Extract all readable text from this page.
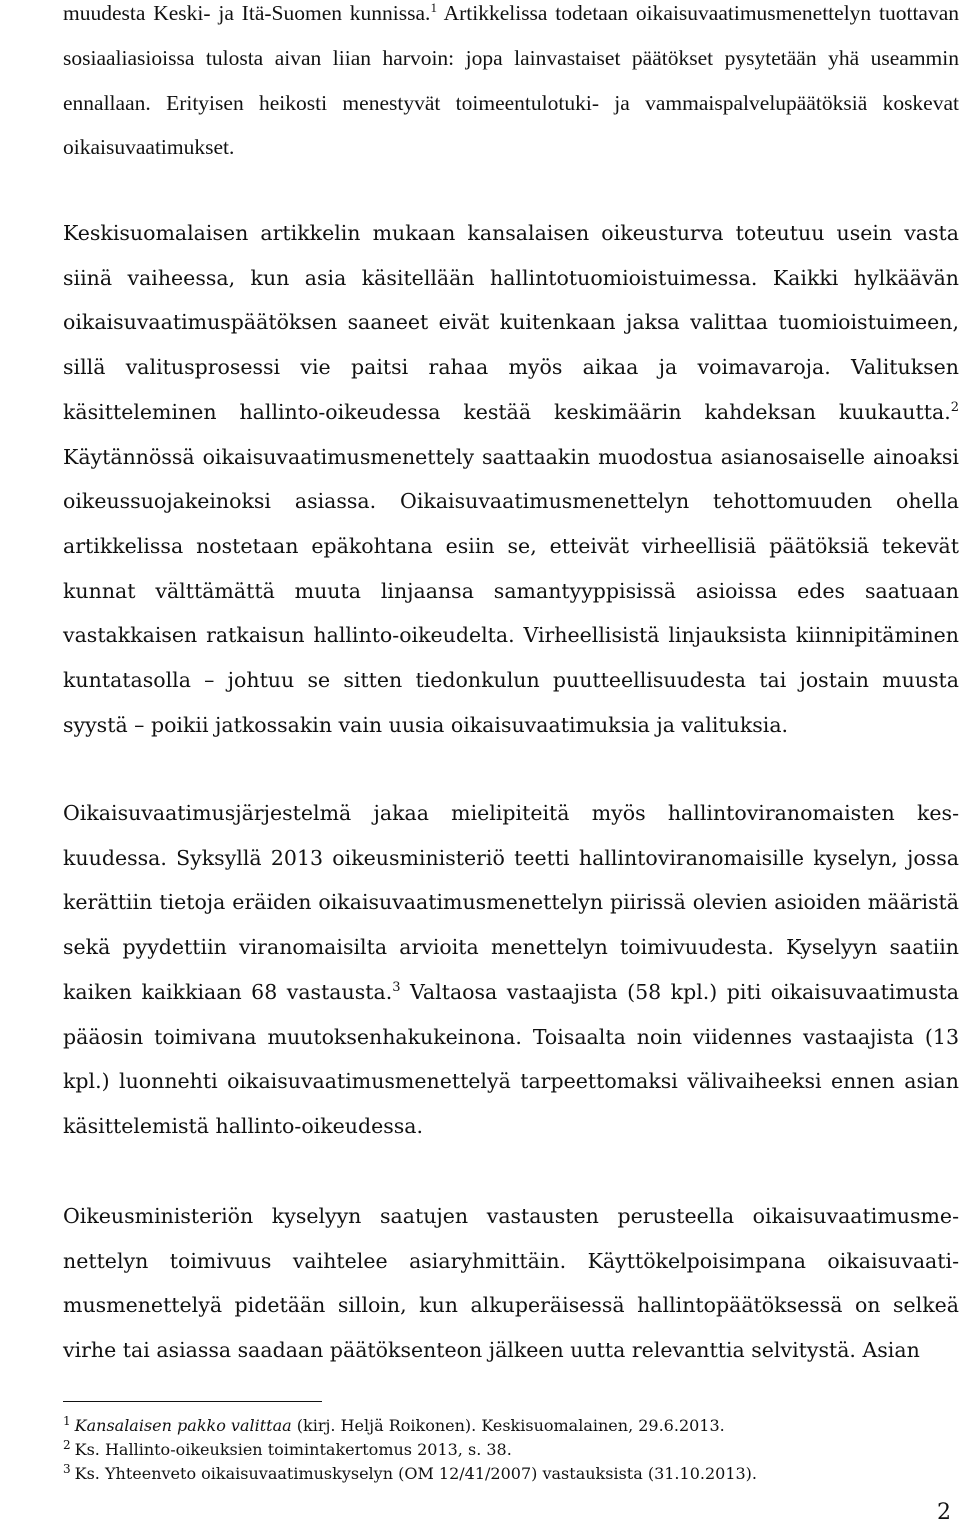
muudesta Keski- ja Itä-Suomen kunnissa.$^1$ Artikkelissa todetaan oikaisuvaatimusmenettelyn tuottavan sosiaaliasioissa tulosta aivan liian harvoin: jopa lainvastaiset päätökset pysytetään yhä useammin ennallaan. Erityisen heikosti menestyvät toimeentulotuki- ja vammaispalvelupäätöksiä koskevat oikaisuvaatimukset.

Keskisuomalaisen artikkelin mukaan kansalaisen oikeusturva toteutuu usein vasta siinä vaiheessa, kun asia käsitellään hallintotuomioistuimessa. Kaikki hylkäävän oikaisuvaatimuspäätöksen saaneet eivät kuitenkaan jaksa valittaa tuomioistuimeen, sillä valitusprosessi vie paitsi rahaa myös aikaa ja voimavaroja. Valituksen käsitteleminen hallinto-oikeudessa kestää keskimäärin kahdeksan kuukautta.$^2$ Käytännössä oikaisuvaatimusmenettely saattaakin muodostua asianosaiselle ainoaksi oikeussuojakeinoksi asiassa. Oikaisuvaatimusmenettelyn tehottomuuden ohella artikkelissa nostetaan epäkohtana esiin se, etteivät virheellisiä päätöksiä tekevät kunnat välttämättä muuta linjaansa samantyyppisissä asioissa edes saatuaan vastakkaisen ratkaisun hallinto-oikeudelta. Virheellisistä linjauksista kiinnipitäminen kuntatasolla – johtuu se sitten tiedonkulun puutteellisuudesta tai jostain muusta syystä – poikii jatkossakin vain uusia oikaisuvaatimuksia ja valituksia.

Oikaisuvaatimusjärjestelmä jakaa mielipiteitä myös hallintoviranomaisten keskuudessa. Syksyllä 2013 oikeusministeriö teetti hallintoviranomaisille kyselyn, jossa kerättiin tietoja eräiden oikaisuvaatimusmenettelyn piirissä olevien asioiden määristä sekä pyydettiin viranomaisilta arvioita menettelyn toimivuudesta. Kyselyyn saatiin kaiken kaikkiaan 68 vastausta.$^3$ Valtaosa vastaajista (58 kpl.) piti oikaisuvaatimusta pääosin toimivana muutoksenhakukeinona. Toisaalta noin viidennes vastaajista (13 kpl.) luonnehti oikaisuvaatimusmenettelyä tarpeettomaksi välivaiheeksi ennen asian käsittelemistä hallinto-oikeudessa.

Oikeusministeriön kyselyyn saatujen vastausten perusteella oikaisuvaatimusmenettelyn toimivuus vaihtelee asiaryhmittäin. Käyttökelpoisimpana oikaisuvaatimusmenettelyä pidetään silloin, kun alkuperäisessä hallintopäätöksessä on selkeä virhe tai asiassa saadaan päätöksenteon jälkeen uutta relevanttia selvitystä. Asian

$^1$ Kansalaisen pakko valittaa (kirj. Heljä Roikonen). Keskisuomalainen, 29.6.2013.
$^2$ Ks. Hallinto-oikeuksien toimintakertomus 2013, s. 38.
$^3$ Ks. Yhteenveto oikaisuvaatimuskyselyn (OM 12/41/2007) vastauksista (31.10.2013).
2
